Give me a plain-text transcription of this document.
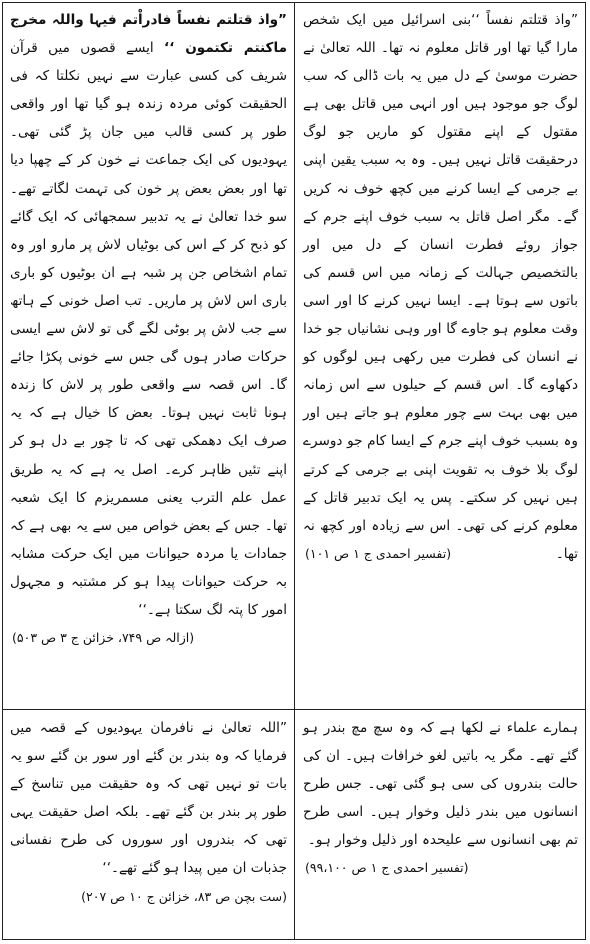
”واذ قتلتم نفساً ‘‘بنی اسرائیل میں ایک شخص مارا گیا تھا اور قاتل معلوم نہ تھا۔ اللہ تعالیٰ نے حضرت موسیٰ کے دل میں یہ بات ڈالی کہ سب لوگ جو موجود ہیں اور انہی میں قاتل بھی ہے مقتول کے اپنے مقتول کو ماریں جو لوگ درحقیقت قاتل نہیں ہیں۔ وہ بہ سبب یقین اپنی بے جرمی کے ایسا کرنے میں کچھ خوف نہ کریں گے۔ مگر اصل قاتل بہ سبب خوف اپنے جرم کے جواز روئے فطرت انسان کے دل میں اور بالتخصیص جہالت کے زمانہ میں اس قسم کی باتوں سے ہوتا ہے۔ ایسا نہیں کرنے کا اور اسی وقت معلوم ہو جاوے گا اور وہی نشانیاں جو خدا نے انسان کی فطرت میں رکھی ہیں لوگوں کو دکھاوے گا۔ اس قسم کے حیلوں سے اس زمانہ میں بھی بہت سے چور معلوم ہو جاتے ہیں اور وہ بسبب خوف اپنے جرم کے ایسا کام جو دوسرے لوگ بلا خوف بہ تقویت اپنی بے جرمی کے کرتے ہیں نہیں کر سکتے۔ پس یہ ایک تدبیر قاتل کے معلوم کرنے کی تھی۔ اس سے زیادہ اور کچھ نہ تھا۔
(تفسیر احمدی ج ۱ ص ۱۰۱)
”واذ قتلتم نفساً فادراْتم فیہا واللہ مخرج ماکنتم تکتمون ‘‘ ایسے قصوں میں قرآن شریف کی کسی عبارت سے نہیں نکلتا کہ فی الحقیقت کوئی مردہ زندہ ہو گیا تھا اور واقعی طور پر کسی قالب میں جان پڑ گئی تھی۔ یہودیوں کی ایک جماعت نے خون کر کے چھپا دیا تھا اور بعض بعض پر خون کی تہمت لگاتے تھے۔ سو خدا تعالیٰ نے یہ تدبیر سمجھائی کہ ایک گائے کو ذبح کر کے اس کی بوٹیاں لاش پر مارو اور وہ تمام اشخاص جن پر شبہ ہے ان بوٹیوں کو باری باری اس لاش پر ماریں۔ تب اصل خونی کے ہاتھ سے جب لاش پر بوٹی لگے گی تو لاش سے ایسی حرکات صادر ہوں گی جس سے خونی پکڑا جائے گا۔ اس قصہ سے واقعی طور پر لاش کا زندہ ہونا ثابت نہیں ہوتا۔ بعض کا خیال ہے کہ یہ صرف ایک دھمکی تھی کہ تا چور بے دل ہو کر اپنے تئیں ظاہر کرے۔ اصل یہ ہے کہ یہ طریق عمل علم الترب یعنی مسمریزم کا ایک شعبہ تھا۔ جس کے بعض خواص میں سے یہ بھی ہے کہ جمادات یا مردہ حیوانات میں ایک حرکت مشابہ بہ حرکت حیوانات پیدا ہو کر مشتبہ و مجہول امور کا پتہ لگ سکتا ہے۔‘‘
(ازالہ ص ۷۴۹، خزائن ج ۳ ص ۵۰۳)
ہمارے علماء نے لکھا ہے کہ وہ سچ مچ بندر ہو گئے تھے۔ مگر یہ باتیں لغو خرافات ہیں۔ ان کی حالت بندروں کی سی ہو گئی تھی۔ جس طرح انسانوں میں بندر ذلیل وخوار ہیں۔ اسی طرح تم بھی انسانوں سے علیحدہ اور ذلیل وخوار ہو۔
(تفسیر احمدی ج ۱ ص ۹۹،۱۰۰)
”اللہ تعالیٰ نے نافرمان یہودیوں کے قصہ میں فرمایا کہ وہ بندر بن گئے اور سور بن گئے سو یہ بات تو نہیں تھی کہ وہ حقیقت میں تناسخ کے طور پر بندر بن گئے تھے۔ بلکہ اصل حقیقت یہی تھی کہ بندروں اور سوروں کی طرح نفسانی جذبات ان میں پیدا ہو گئے تھے۔‘‘
(ست بچن ص ۸۳، خزائن ج ۱۰ ص ۲۰۷)
